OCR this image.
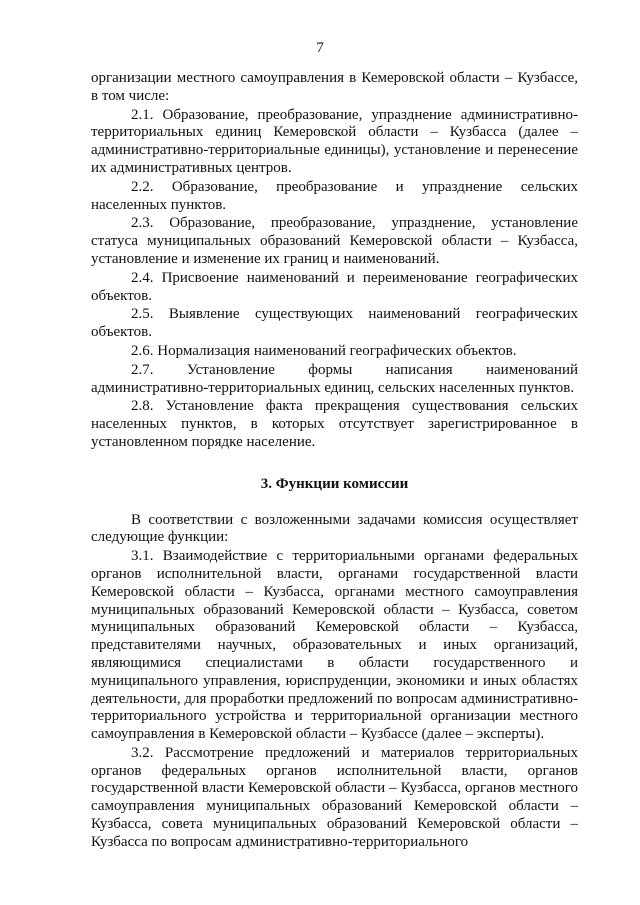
7

организации местного самоуправления в Кемеровской области – Кузбассе, в том числе:

2.1. Образование, преобразование, упразднение административно-территориальных единиц Кемеровской области – Кузбасса (далее – административно-территориальные единицы), установление и перенесение их административных центров.

2.2. Образование, преобразование и упразднение сельских населенных пунктов.

2.3. Образование, преобразование, упразднение, установление статуса муниципальных образований Кемеровской области – Кузбасса, установление и изменение их границ и наименований.

2.4. Присвоение наименований и переименование географических объектов.

2.5. Выявление существующих наименований географических объектов.

2.6. Нормализация наименований географических объектов.

2.7. Установление формы написания наименований административно-территориальных единиц, сельских населенных пунктов.

2.8. Установление факта прекращения существования сельских населенных пунктов, в которых отсутствует зарегистрированное в установленном порядке население.

3. Функции комиссии

В соответствии с возложенными задачами комиссия осуществляет следующие функции:

3.1. Взаимодействие с территориальными органами федеральных органов исполнительной власти, органами государственной власти Кемеровской области – Кузбасса, органами местного самоуправления муниципальных образований Кемеровской области – Кузбасса, советом муниципальных образований Кемеровской области – Кузбасса, представителями научных, образовательных и иных организаций, являющимися специалистами в области государственного и муниципального управления, юриспруденции, экономики и иных областях деятельности, для проработки предложений по вопросам административно-территориального устройства и территориальной организации местного самоуправления в Кемеровской области – Кузбассе (далее – эксперты).

3.2. Рассмотрение предложений и материалов территориальных органов федеральных органов исполнительной власти, органов государственной власти Кемеровской области – Кузбасса, органов местного самоуправления муниципальных образований Кемеровской области – Кузбасса, совета муниципальных образований Кемеровской области – Кузбасса по вопросам административно-территориального
